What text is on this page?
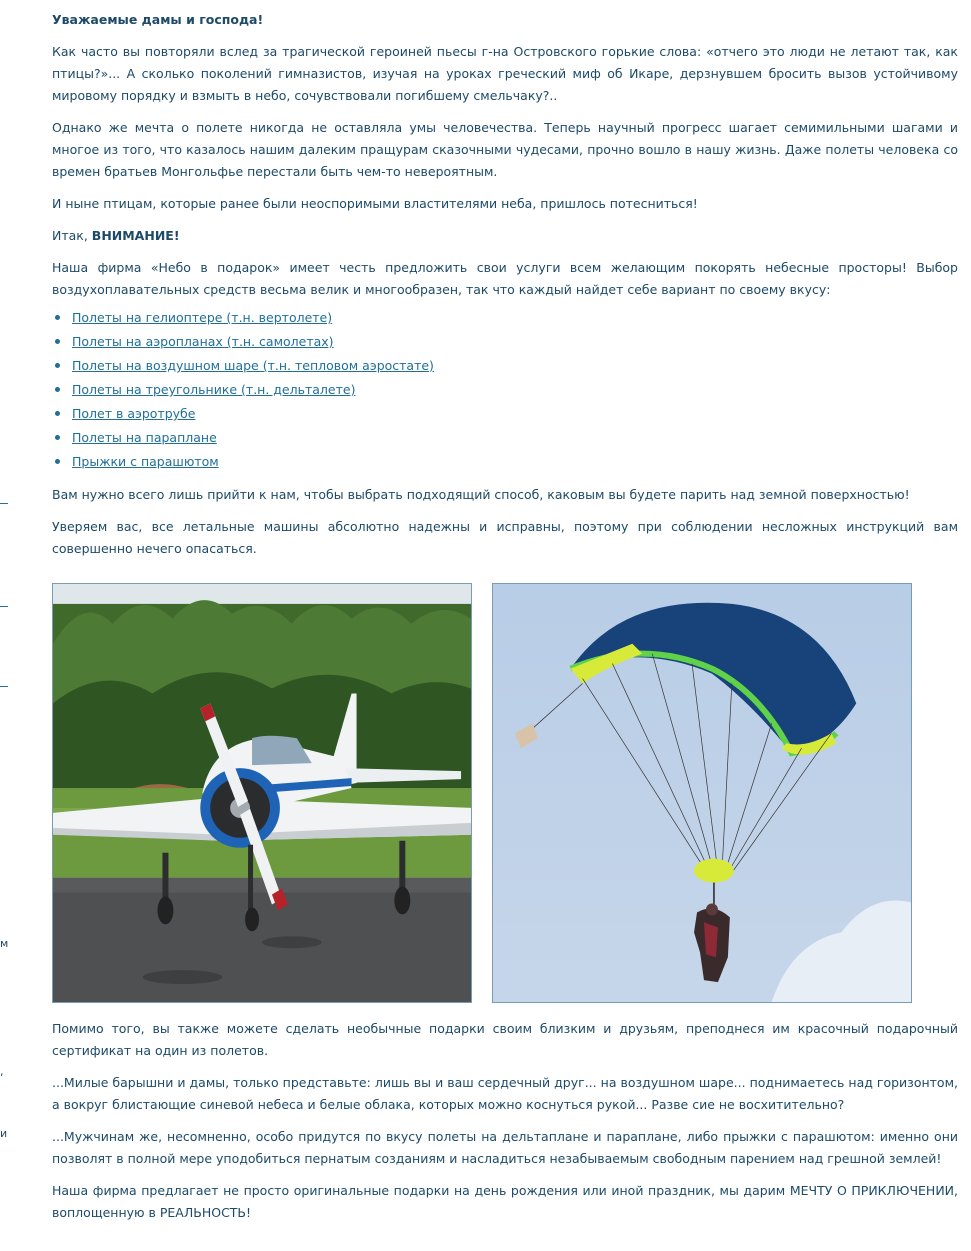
м
,
и

Уважаемые дамы и господа!

Как часто вы повторяли вслед за трагической героиней пьесы г-на Островского горькие слова: «отчего это люди не летают так, как птицы?»... А сколько поколений гимназистов, изучая на уроках греческий миф об Икаре, дерзнувшем бросить вызов устойчивому мировому порядку и взмыть в небо, сочувствовали погибшему смельчаку?..

Однако же мечта о полете никогда не оставляла умы человечества. Теперь научный прогресс шагает семимильными шагами и многое из того, что казалось нашим далеким пращурам сказочными чудесами, прочно вошло в нашу жизнь. Даже полеты человека со времен братьев Монгольфье перестали быть чем-то невероятным.

И ныне птицам, которые ранее были неоспоримыми властителями неба, пришлось потесниться!

Итак, ВНИМАНИЕ!

Наша фирма «Небо в подарок» имеет честь предложить свои услуги всем желающим покорять небесные просторы! Выбор воздухоплавательных средств весьма велик и многообразен, так что каждый найдет себе вариант по своему вкусу:

Полеты на гелиоптере (т.н. вертолете)
Полеты на аэропланах (т.н. самолетах)
Полеты на воздушном шаре (т.н. тепловом аэростате)
Полеты на треугольнике (т.н. дельталете)
Полет в аэротрубе
Полеты на параплане
Прыжки с парашютом

Вам нужно всего лишь прийти к нам, чтобы выбрать подходящий способ, каковым вы будете парить над земной поверхностью!

Уверяем вас, все летальные машины абсолютно надежны и исправны, поэтому при соблюдении несложных инструкций вам совершенно нечего опасаться.

Помимо того, вы также можете сделать необычные подарки своим близким и друзьям, преподнеся им красочный подарочный сертификат на один из полетов.

...Милые барышни и дамы, только представьте: лишь вы и ваш сердечный друг... на воздушном шаре... поднимаетесь над горизонтом, а вокруг блистающие синевой небеса и белые облака, которых можно коснуться рукой... Разве сие не восхитительно?

...Мужчинам же, несомненно, особо придутся по вкусу полеты на дельтаплане и параплане, либо прыжки с парашютом: именно они позволят в полной мере уподобиться пернатым созданиям и насладиться незабываемым свободным парением над грешной землей!

Наша фирма предлагает не просто оригинальные подарки на день рождения или иной праздник, мы дарим МЕЧТУ О ПРИКЛЮЧЕНИИ, воплощенную в РЕАЛЬНОСТЬ!
